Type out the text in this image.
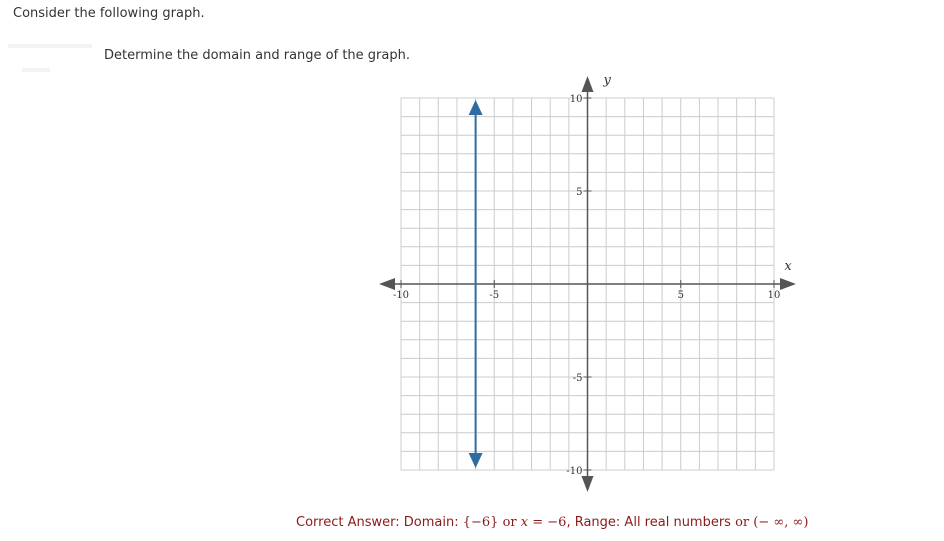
Consider the following graph.
Determine the domain and range of the graph.
-10	-5	5	10
10
5
-5
-10
x
y
Correct Answer: Domain: {−6} or x = −6, Range: All real numbers or (− ∞, ∞)
